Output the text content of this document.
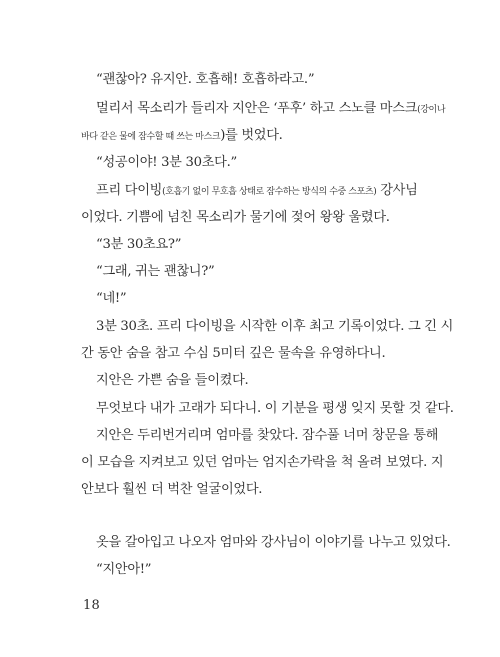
“괜찮아? 유지안. 호흡해! 호흡하라고.”
멀리서 목소리가 들리자 지안은 ‘푸후’ 하고 스노클 마스크(강이나
바다 같은 물에 잠수할 때 쓰는 마스크)를 벗었다.
“성공이야! 3분 30초다.”
프리 다이빙(호흡기 없이 무호흡 상태로 잠수하는 방식의 수중 스포츠) 강사님
이었다. 기쁨에 넘친 목소리가 물기에 젖어 왕왕 울렸다.
“3분 30초요?”
“그래, 귀는 괜찮니?”
“네!”
3분 30초. 프리 다이빙을 시작한 이후 최고 기록이었다. 그 긴 시
간 동안 숨을 참고 수심 5미터 깊은 물속을 유영하다니.
지안은 가쁜 숨을 들이켰다.
무엇보다 내가 고래가 되다니. 이 기분을 평생 잊지 못할 것 같다.
지안은 두리번거리며 엄마를 찾았다. 잠수풀 너머 창문을 통해
이 모습을 지켜보고 있던 엄마는 엄지손가락을 척 올려 보였다. 지
안보다 훨씬 더 벅찬 얼굴이었다.
옷을 갈아입고 나오자 엄마와 강사님이 이야기를 나누고 있었다.
“지안아!”
18
